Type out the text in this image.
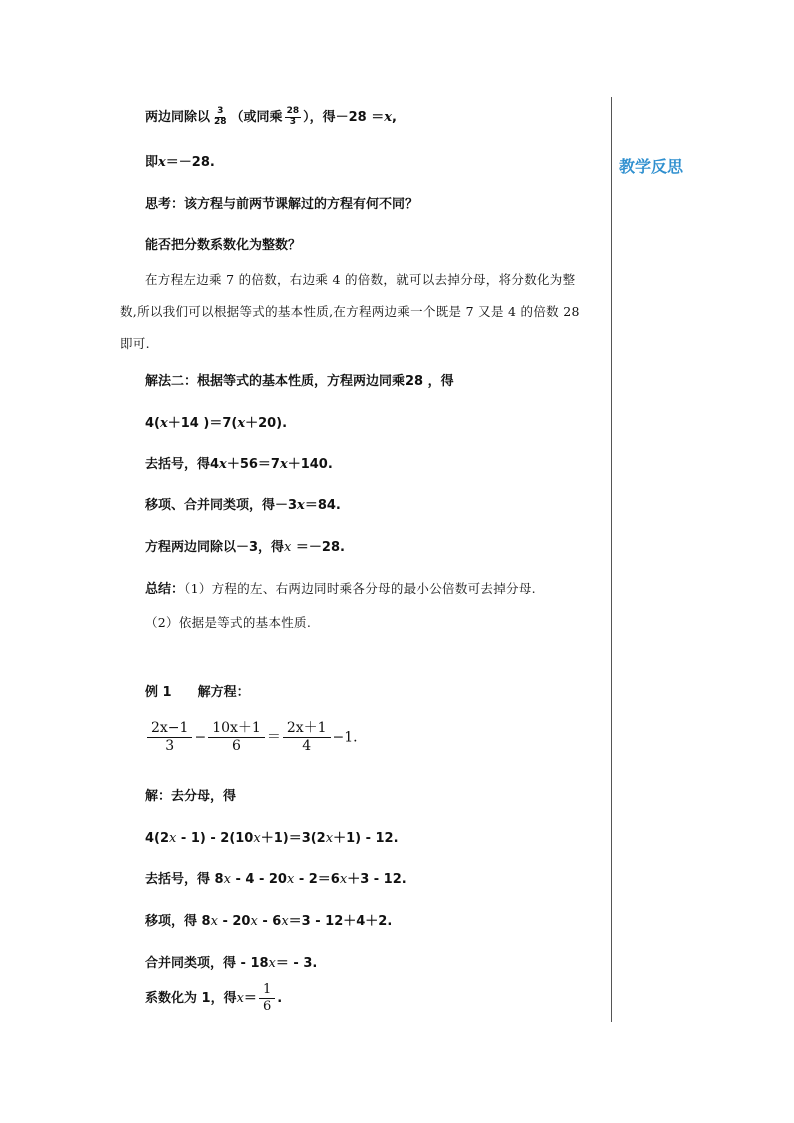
教学反思
两边同除以 $\frac{3}{28}$ （或同乘 $\frac{28}{3}$ ），得－28 ＝x,
即x＝－28.
思考：该方程与前两节课解过的方程有何不同？
能否把分数系数化为整数？
在方程左边乘 7 的倍数，右边乘 4 的倍数，就可以去掉分母，将分数化为整
数,所以我们可以根据等式的基本性质,在方程两边乘一个既是 7 又是 4 的倍数 28
即可.
解法二：根据等式的基本性质，方程两边同乘28 ，得
4(x＋14 )＝7(x＋20).
去括号，得4x＋56＝7x＋140.
移项、合并同类项，得－3x＝84.
方程两边同除以－3，得x ＝－28.
总结：（1）方程的左、右两边同时乘各分母的最小公倍数可去掉分母.
（2）依据是等式的基本性质.
例 1 解方程：
$\frac{2x-1}{3} - \frac{10x+1}{6} = \frac{2x+1}{4} -1$.
解：去分母，得
4(2x - 1) - 2(10x＋1)＝3(2x＋1) - 12.
去括号，得 8x - 4 - 20x - 2＝6x＋3 - 12.
移项，得 8x - 20x - 6x＝3 - 12＋4＋2.
合并同类项，得 - 18x＝ - 3.
系数化为 1，得$x= \frac{1}{6}$ .
